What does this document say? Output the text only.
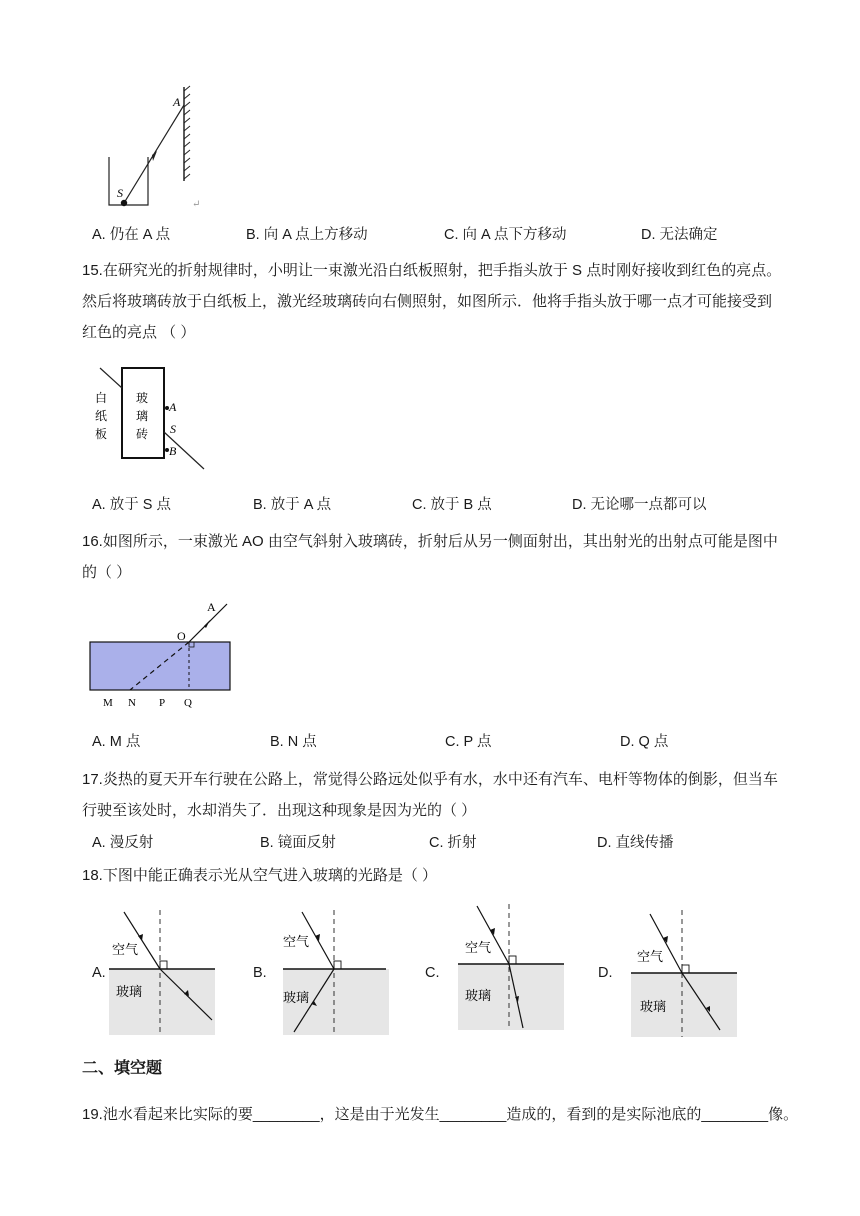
A
S
↵
A. 仍在 A 点	B. 向 A 点上方移动	C. 向 A 点下方移动	D. 无法确定
15.在研究光的折射规律时，小明让一束激光沿白纸板照射，把手指头放于 S 点时刚好接收到红色的亮点。
然后将玻璃砖放于白纸板上，激光经玻璃砖向右侧照射，如图所示．他将手指头放于哪一点才可能接受到
红色的亮点 （ ）
白
纸
板
玻
璃
砖
A
S
B
A. 放于 S 点	B. 放于 A 点	C. 放于 B 点	D. 无论哪一点都可以
16.如图所示，一束激光 AO 由空气斜射入玻璃砖，折射后从另一侧面射出，其出射光的出射点可能是图中
的（ ）
A
O
M N P Q
A. M 点	B. N 点	C. P 点	D. Q 点
17.炎热的夏天开车行驶在公路上，常觉得公路远处似乎有水，水中还有汽车、电杆等物体的倒影，但当车
行驶至该处时，水却消失了．出现这种现象是因为光的（ ）
A. 漫反射	B. 镜面反射	C. 折射	D. 直线传播
18.下图中能正确表示光从空气进入玻璃的光路是（ ）
A.	B.	C.	D.
空气
玻璃
空气
玻璃
空气
玻璃
空气
玻璃
二、填空题
19.池水看起来比实际的要________，这是由于光发生________造成的，看到的是实际池底的________像。
